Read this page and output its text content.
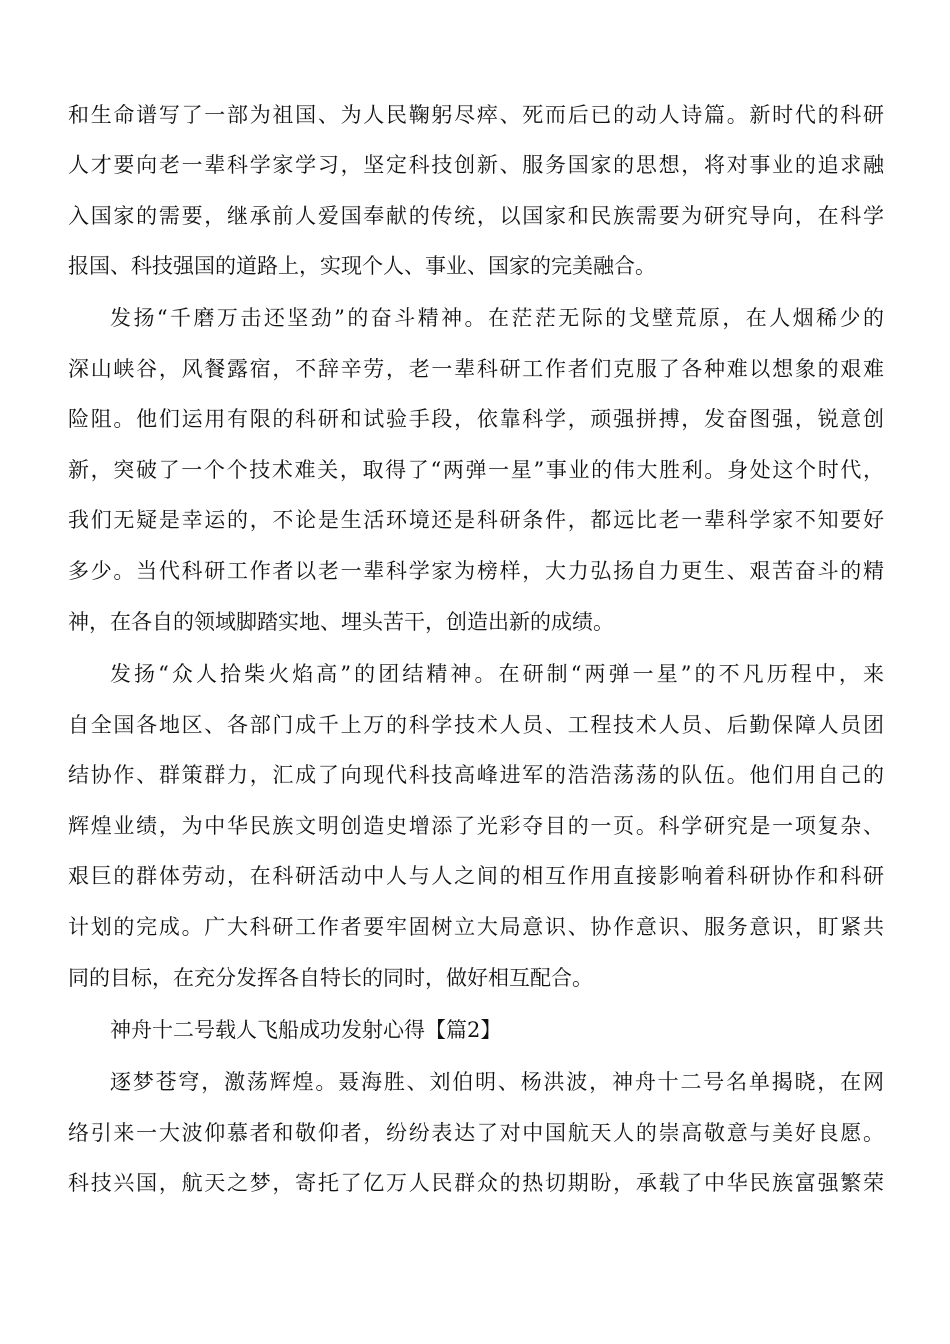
和生命谱写了一部为祖国、为人民鞠躬尽瘁、死而后已的动人诗篇。新时代的科研
人才要向老一辈科学家学习，坚定科技创新、服务国家的思想，将对事业的追求融
入国家的需要，继承前人爱国奉献的传统，以国家和民族需要为研究导向，在科学
报国、科技强国的道路上，实现个人、事业、国家的完美融合。
发扬“千磨万击还坚劲”的奋斗精神。在茫茫无际的戈壁荒原，在人烟稀少的
深山峡谷，风餐露宿，不辞辛劳，老一辈科研工作者们克服了各种难以想象的艰难
险阻。他们运用有限的科研和试验手段，依靠科学，顽强拼搏，发奋图强，锐意创
新，突破了一个个技术难关，取得了“两弹一星”事业的伟大胜利。身处这个时代，
我们无疑是幸运的，不论是生活环境还是科研条件，都远比老一辈科学家不知要好
多少。当代科研工作者以老一辈科学家为榜样，大力弘扬自力更生、艰苦奋斗的精
神，在各自的领域脚踏实地、埋头苦干，创造出新的成绩。
发扬“众人拾柴火焰高”的团结精神。在研制“两弹一星”的不凡历程中，来
自全国各地区、各部门成千上万的科学技术人员、工程技术人员、后勤保障人员团
结协作、群策群力，汇成了向现代科技高峰进军的浩浩荡荡的队伍。他们用自己的
辉煌业绩，为中华民族文明创造史增添了光彩夺目的一页。科学研究是一项复杂、
艰巨的群体劳动，在科研活动中人与人之间的相互作用直接影响着科研协作和科研
计划的完成。广大科研工作者要牢固树立大局意识、协作意识、服务意识，盯紧共
同的目标，在充分发挥各自特长的同时，做好相互配合。
神舟十二号载人飞船成功发射心得【篇2】
逐梦苍穹，激荡辉煌。聂海胜、刘伯明、杨洪波，神舟十二号名单揭晓，在网
络引来一大波仰慕者和敬仰者，纷纷表达了对中国航天人的崇高敬意与美好良愿。
科技兴国，航天之梦，寄托了亿万人民群众的热切期盼，承载了中华民族富强繁荣
